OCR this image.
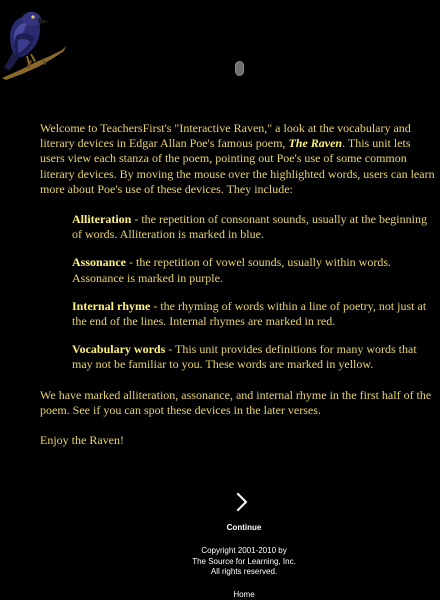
Welcome to TeachersFirst's "Interactive Raven," a look at the vocabulary and literary devices in Edgar Allan Poe's famous poem, The Raven. This unit lets users view each stanza of the poem, pointing out Poe's use of some common literary devices. By moving the mouse over the highlighted words, users can learn more about Poe's use of these devices. They include:

Alliteration - the repetition of consonant sounds, usually at the beginning of words. Alliteration is marked in blue.

Assonance - the repetition of vowel sounds, usually within words. Assonance is marked in purple.

Internal rhyme - the rhyming of words within a line of poetry, not just at the end of the lines. Internal rhymes are marked in red.

Vocabulary words - This unit provides definitions for many words that may not be familiar to you. These words are marked in yellow.

We have marked alliteration, assonance, and internal rhyme in the first half of the poem. See if you can spot these devices in the later verses.

Enjoy the Raven!

Continue
Copyright 2001-2010 by
The Source for Learning, Inc.
All rights reserved.
Home
